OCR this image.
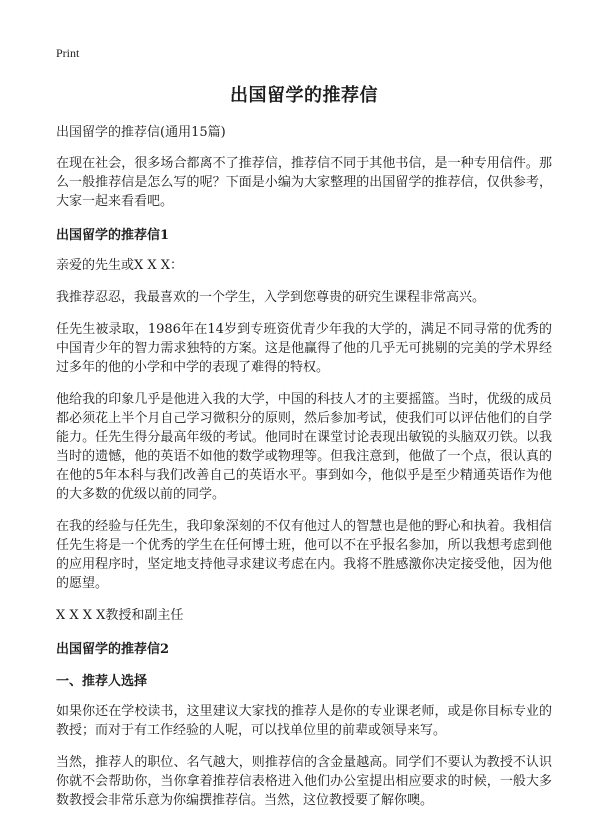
Print
出国留学的推荐信
出国留学的推荐信(通用15篇)

在现在社会，很多场合都离不了推荐信，推荐信不同于其他书信，是一种专用信件。那么一般推荐信是怎么写的呢？下面是小编为大家整理的出国留学的推荐信，仅供参考，大家一起来看看吧。

出国留学的推荐信1

亲爱的先生或X X X：

我推荐忍忍，我最喜欢的一个学生，入学到您尊贵的研究生课程非常高兴。

任先生被录取，1986年在14岁到专班资优青少年我的大学的，满足不同寻常的优秀的中国青少年的智力需求独特的方案。这是他赢得了他的几乎无可挑剔的完美的学术界经过多年的他的小学和中学的表现了难得的特权。

他给我的印象几乎是他进入我的大学，中国的科技人才的主要摇篮。当时，优级的成员都必须花上半个月自己学习微积分的原则，然后参加考试，使我们可以评估他们的自学能力。任先生得分最高年级的考试。他同时在课堂讨论表现出敏锐的头脑双刃铁。以我当时的遗憾，他的英语不如他的数学或物理等。但我注意到，他做了一个点，很认真的在他的5年本科与我们改善自己的英语水平。事到如今，他似乎是至少精通英语作为他的大多数的优级以前的同学。

在我的经验与任先生，我印象深刻的不仅有他过人的智慧也是他的野心和执着。我相信任先生将是一个优秀的学生在任何博士班，他可以不在乎报名参加，所以我想考虑到他的应用程序时，坚定地支持他寻求建议考虑在内。我将不胜感激你决定接受他，因为他的愿望。

X X X X教授和副主任

出国留学的推荐信2
一、推荐人选择

如果你还在学校读书，这里建议大家找的推荐人是你的专业课老师，或是你目标专业的教授；而对于有工作经验的人呢，可以找单位里的前辈或领导来写。

当然，推荐人的职位、名气越大，则推荐信的含金量越高。同学们不要认为教授不认识你就不会帮助你，当你拿着推荐信表格进入他们办公室提出相应要求的时候，一般大多数教授会非常乐意为你编撰推荐信。当然，这位教授要了解你噢。
